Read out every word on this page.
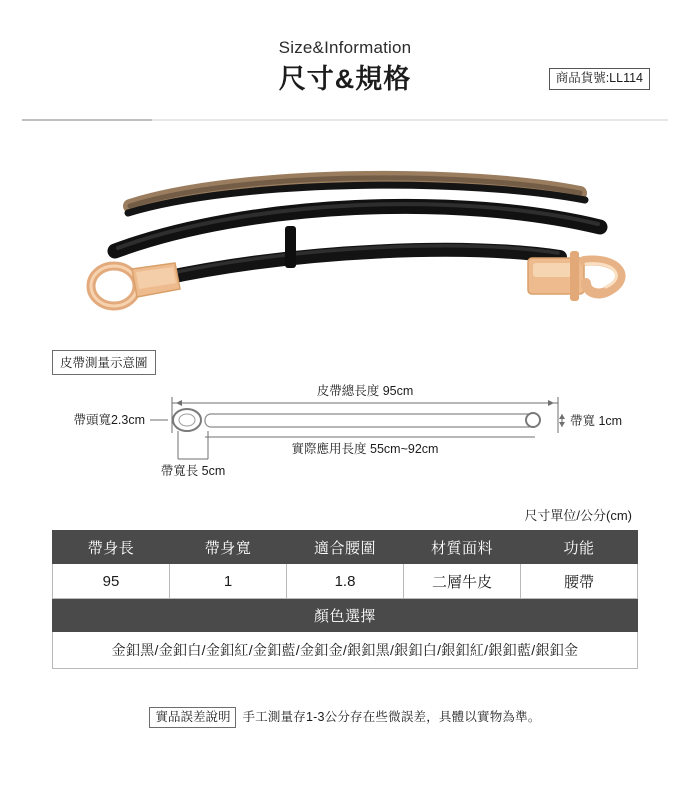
Size&Information
尺寸&規格	商品貨號:LL114
皮帶測量示意圖
皮帶總長度 95cm
帶頭寬2.3cm	帶寬 1cm
實際應用長度 55cm~92cm
帶寬長 5cm
尺寸單位/公分(cm)
帶身長	帶身寬	適合腰圍	材質面料	功能
95	1	1.8	二層牛皮	腰帶
顏色選擇				
金釦黑/金釦白/金釦紅/金釦藍/金釦金/銀釦黑/銀釦白/銀釦紅/銀釦藍/銀釦金				
實品誤差說明 手工測量存1-3公分存在些微誤差，具體以實物為準。
